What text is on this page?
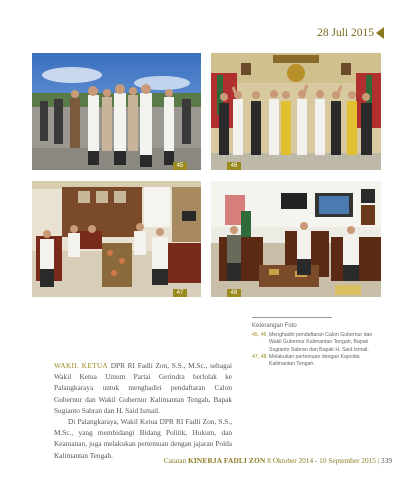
28 Juli 2015
45	46
47	48
Keterangan Foto
45, 46 Menghadiri pendaftaran Calon Gubernur dan Wakil Gubernur Kalimantan Tengah, Bapak Sugianto Sabran dan Bapak H. Said Ismail.
47, 48 Melakukan pertemuan dengan Kapolda Kalimantan Tengah.

WAKIL KETUA DPR RI Fadli Zon, S.S., M.Sc., sebagai Wakil Ketua Umum Partai Gerindra berlolak ke Palangkaraya untuk menghadiri pendaftaran Calon Gubernur dan Wakil Gubernur Kalimantan Tengah, Bapak Sugianto Sabran dan H. Said Ismail.

Di Palangkaraya, Wakil Ketua DPR RI Fadli Zon, S.S., M.Sc., yang membidangi Bidang Politik, Hukum, dan Keamanan, juga melakukan pertemuan dengan jajaran Polda Kalimantan Tengah.

Catatan KINERJA FADLI ZON 8 Oktober 2014 - 10 September 2015 | 339
